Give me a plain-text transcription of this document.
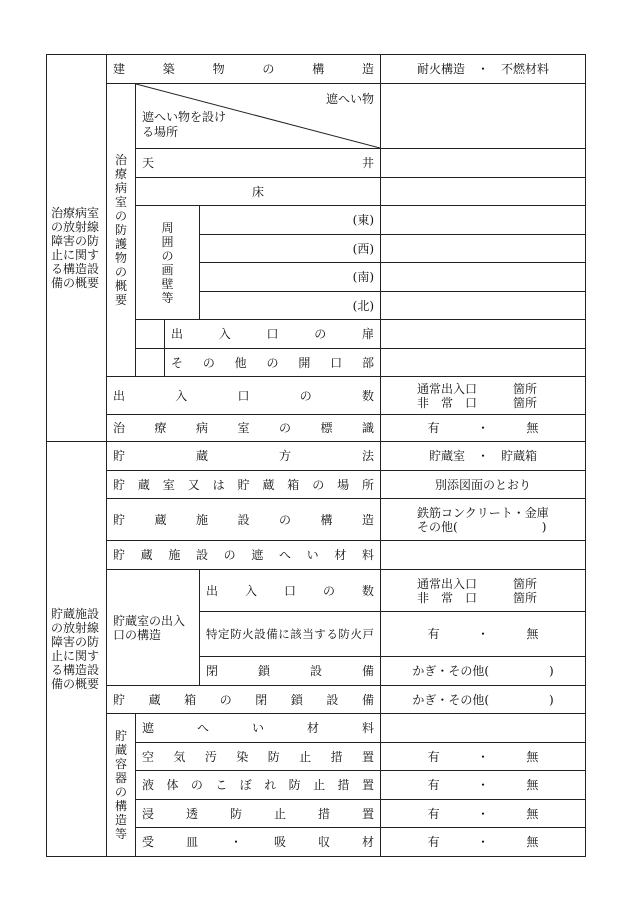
治療病室の放射線障害の防止に関する構造設備の概要	建築物の構造				耐火構造　・　不燃材料
	治療病室の防護物の概要	遮へい物
遮へい物を設ける場所			

		天 井			

		床			
		周囲の画壁等		(東)	
				(西)	
				(南)	
				(北)	
			出入口の扉		
			その他の開口部		

	出入口の数				通常出入口　　　箇所
非　常　口　　　箇所

	治療病室の標識				有 ・ 無

貯蔵施設の放射線障害の防止に関する構造設備の概要	貯蔵方法				貯蔵室　・　貯蔵箱
	貯蔵室又は貯蔵箱の場所				別添図面のとおり
	貯蔵施設の構造				鉄筋コンクリート・金庫
その他(　　　　　　　)

	貯蔵施設の遮へい材料				
	貯蔵室の出入口の構造			出入口の数	通常出入口　　　箇所
非　常　口　　　箇所

				特定防火設備に該当する防火戸	有 ・ 無

				閉鎖設備	かぎ・その他(　　　　　)
	貯蔵箱の閉鎖設備				かぎ・その他(　　　　　)
	貯蔵容器の構造等	遮へい材料			

		空気汚染防止措置			有 ・ 無

		液体のこぼれ防止措置			有 ・ 無

		浸透防止措置			有 ・ 無

		受皿・吸収材			有 ・ 無
